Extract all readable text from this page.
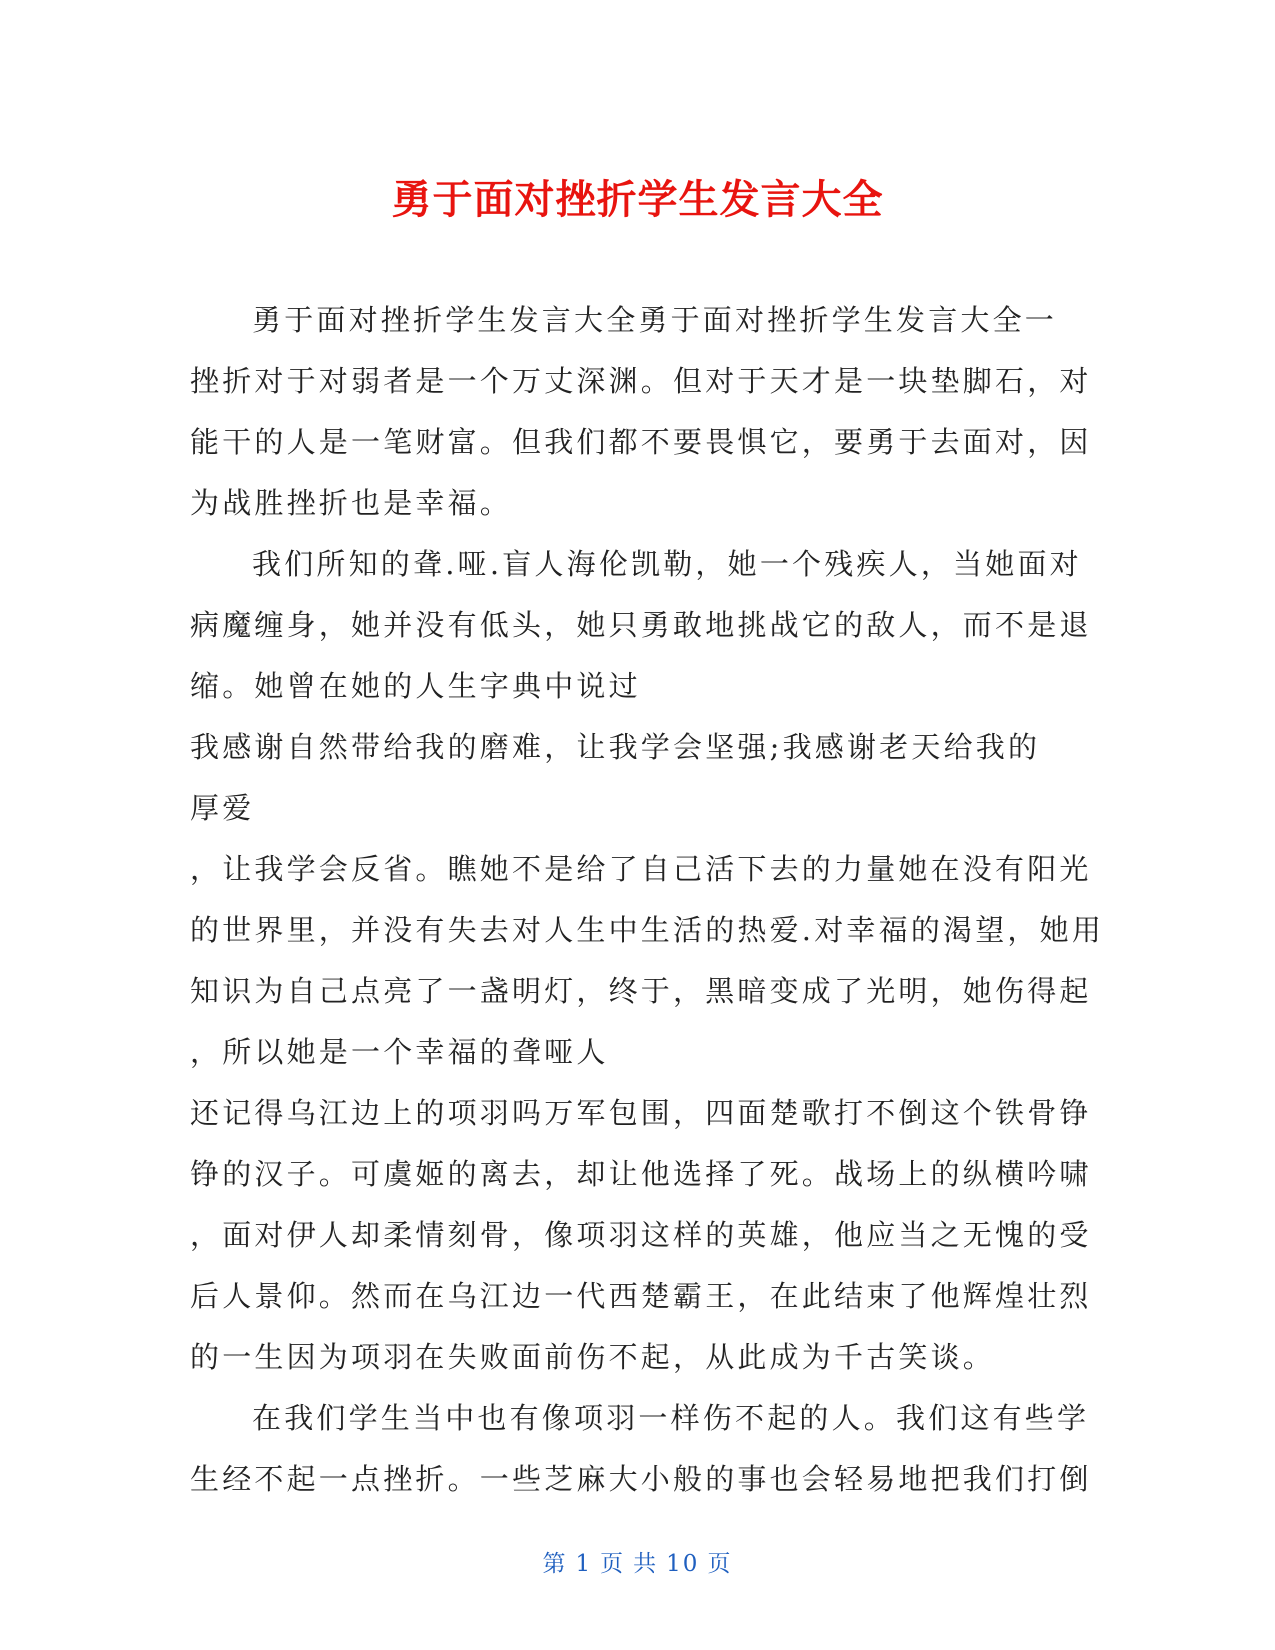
勇于面对挫折学生发言大全
勇于面对挫折学生发言大全勇于面对挫折学生发言大全一
挫折对于对弱者是一个万丈深渊。但对于天才是一块垫脚石，对
能干的人是一笔财富。但我们都不要畏惧它，要勇于去面对，因
为战胜挫折也是幸福。
我们所知的聋.哑.盲人海伦凯勒，她一个残疾人，当她面对
病魔缠身，她并没有低头，她只勇敢地挑战它的敌人，而不是退
缩。她曾在她的人生字典中说过
我感谢自然带给我的磨难，让我学会坚强;我感谢老天给我的
厚爱
，让我学会反省。瞧她不是给了自己活下去的力量她在没有阳光
的世界里，并没有失去对人生中生活的热爱.对幸福的渴望，她用
知识为自己点亮了一盏明灯，终于，黑暗变成了光明，她伤得起
，所以她是一个幸福的聋哑人
还记得乌江边上的项羽吗万军包围，四面楚歌打不倒这个铁骨铮
铮的汉子。可虞姬的离去，却让他选择了死。战场上的纵横吟啸
，面对伊人却柔情刻骨，像项羽这样的英雄，他应当之无愧的受
后人景仰。然而在乌江边一代西楚霸王，在此结束了他辉煌壮烈
的一生因为项羽在失败面前伤不起，从此成为千古笑谈。
在我们学生当中也有像项羽一样伤不起的人。我们这有些学
生经不起一点挫折。一些芝麻大小般的事也会轻易地把我们打倒
第 1 页 共 10 页
